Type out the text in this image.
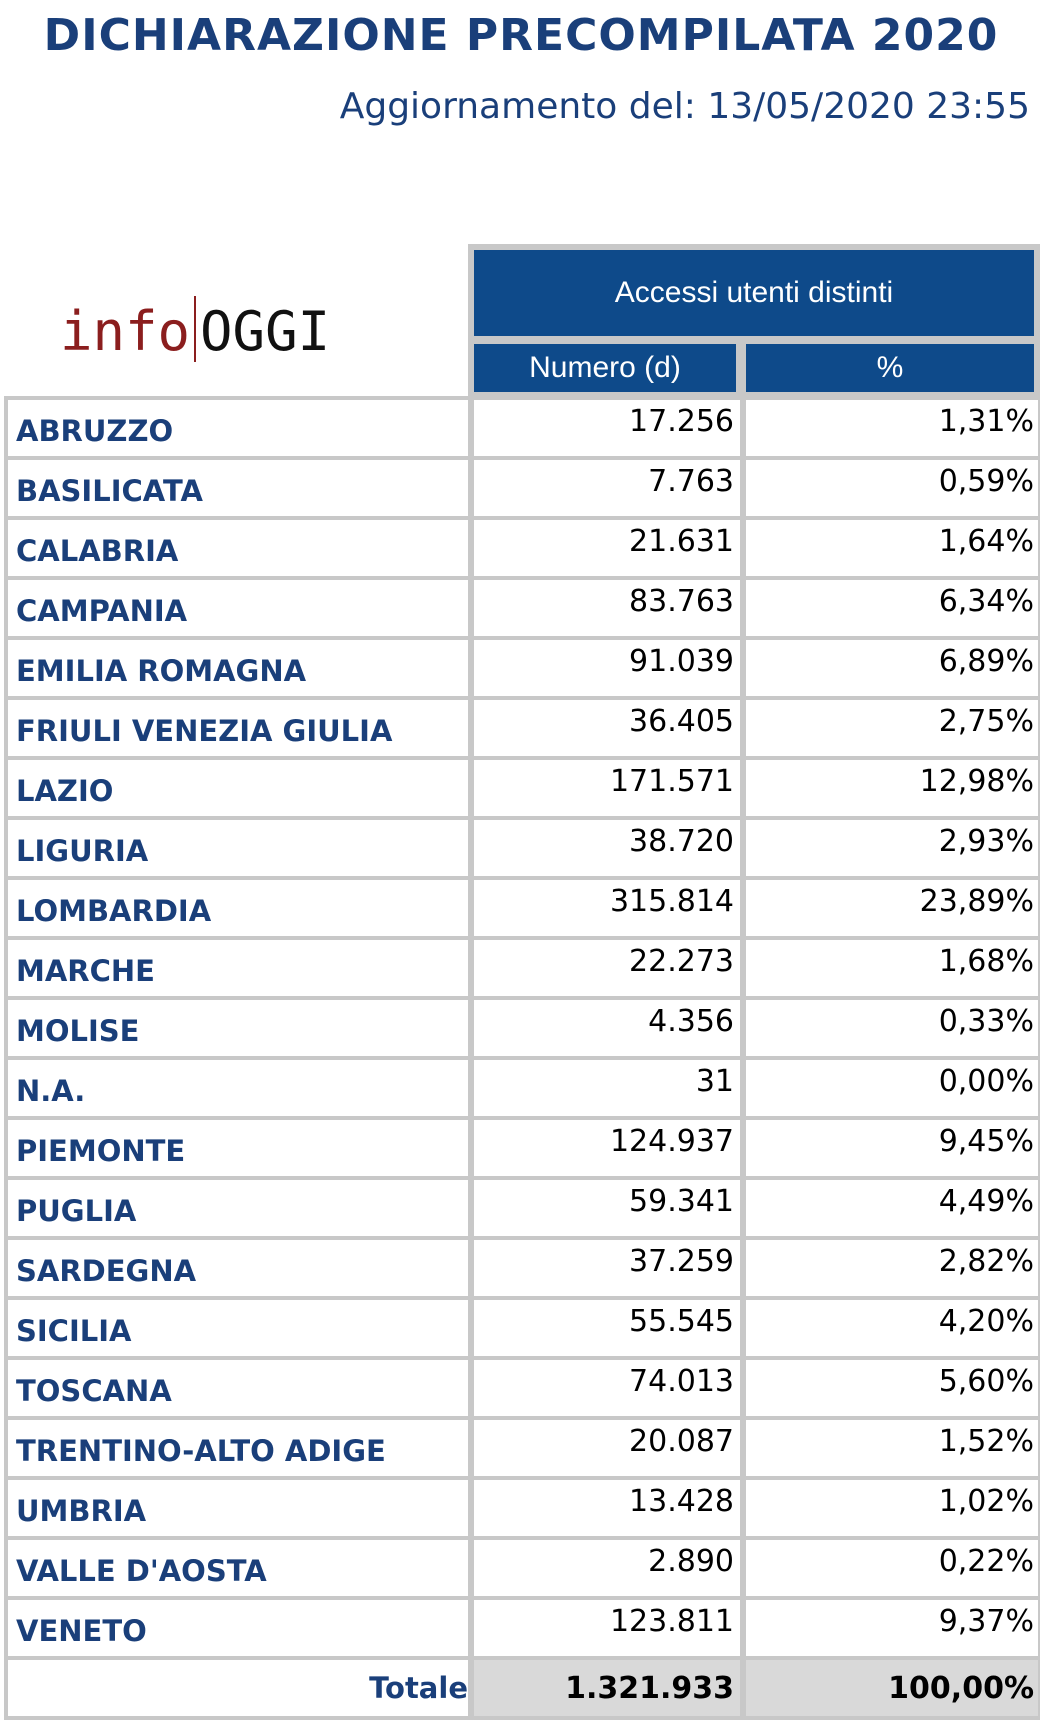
DICHIARAZIONE PRECOMPILATA 2020
Aggiornamento del: 13/05/2020 23:55
info OGGI
Accessi utenti distinti
Numero (d)	%
ABRUZZO	17.256	1,31%
BASILICATA	7.763	0,59%
CALABRIA	21.631	1,64%
CAMPANIA	83.763	6,34%
EMILIA ROMAGNA	91.039	6,89%
FRIULI VENEZIA GIULIA	36.405	2,75%
LAZIO	171.571	12,98%
LIGURIA	38.720	2,93%
LOMBARDIA	315.814	23,89%
MARCHE	22.273	1,68%
MOLISE	4.356	0,33%
N.A.	31	0,00%
PIEMONTE	124.937	9,45%
PUGLIA	59.341	4,49%
SARDEGNA	37.259	2,82%
SICILIA	55.545	4,20%
TOSCANA	74.013	5,60%
TRENTINO-ALTO ADIGE	20.087	1,52%
UMBRIA	13.428	1,02%
VALLE D'AOSTA	2.890	0,22%
VENETO	123.811	9,37%
Totale	1.321.933	100,00%
